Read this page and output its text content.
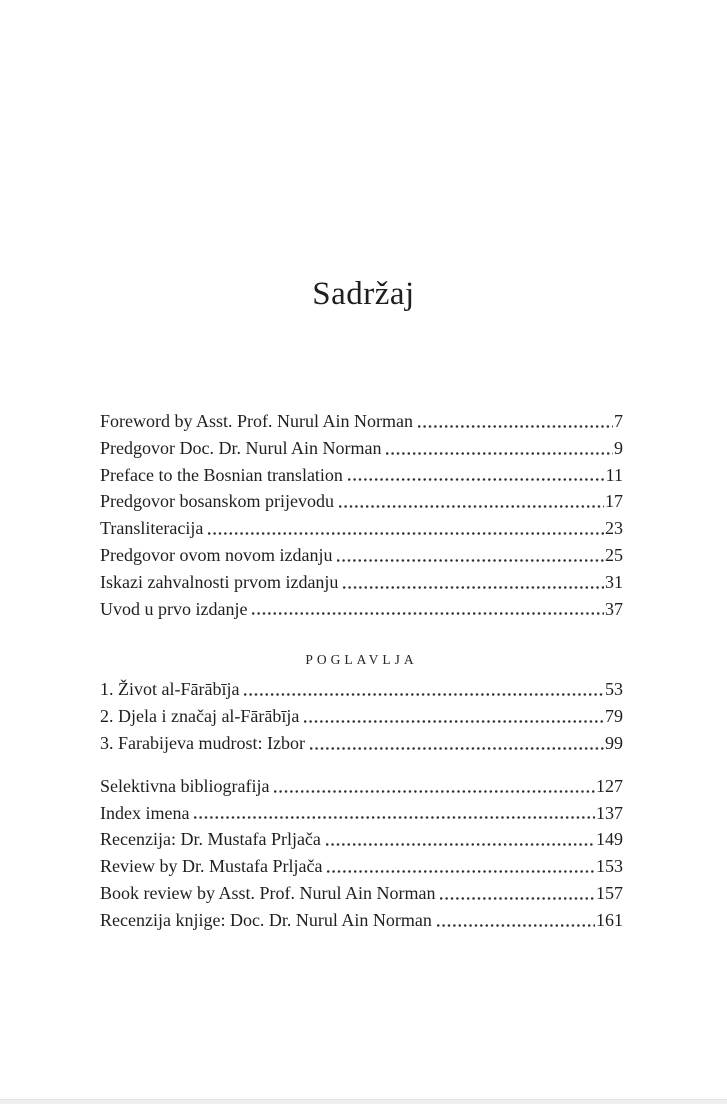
Sadržaj
Foreword by Asst. Prof. Nurul Ain Norman	7
Predgovor Doc. Dr. Nurul Ain Norman	9
Preface to the Bosnian translation	11
Predgovor bosanskom prijevodu	17
Transliteracija	23
Predgovor ovom novom izdanju	25
Iskazi zahvalnosti prvom izdanju	31
Uvod u prvo izdanje	37
POGLAVLJA
1. Život al-Fārābīja	53
2. Djela i značaj al-Fārābīja	79
3. Farabijeva mudrost: Izbor	99
Selektivna bibliografija	127
Index imena	137
Recenzija: Dr. Mustafa Prljača	149
Review by Dr. Mustafa Prljača	153
Book review by Asst. Prof. Nurul Ain Norman	157
Recenzija knjige: Doc. Dr. Nurul Ain Norman	161
